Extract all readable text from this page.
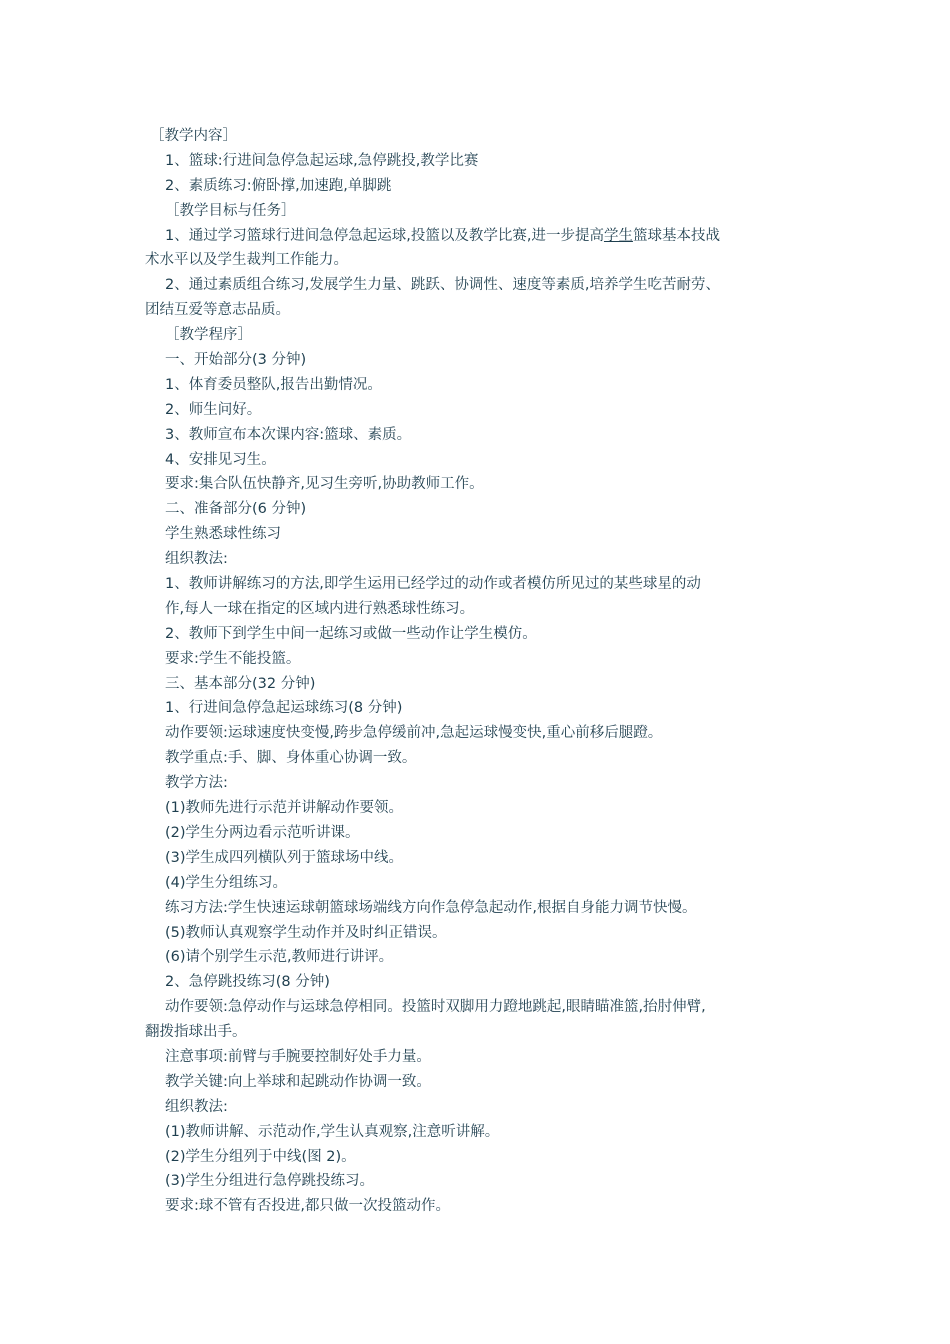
［教学内容］
1、篮球:行进间急停急起运球,急停跳投,教学比赛
2、素质练习:俯卧撑,加速跑,单脚跳
［教学目标与任务］
1、通过学习篮球行进间急停急起运球,投篮以及教学比赛,进一步提高学生篮球基本技战
术水平以及学生裁判工作能力。
2、通过素质组合练习,发展学生力量、跳跃、协调性、速度等素质,培养学生吃苦耐劳、
团结互爱等意志品质。
［教学程序］
一、开始部分(3 分钟)
1、体育委员整队,报告出勤情况。
2、师生问好。
3、教师宣布本次课内容:篮球、素质。
4、安排见习生。
要求:集合队伍快静齐,见习生旁听,协助教师工作。
二、准备部分(6 分钟)
学生熟悉球性练习
组织教法:
1、教师讲解练习的方法,即学生运用已经学过的动作或者模仿所见过的某些球星的动
作,每人一球在指定的区域内进行熟悉球性练习。
2、教师下到学生中间一起练习或做一些动作让学生模仿。
要求:学生不能投篮。
三、基本部分(32 分钟)
1、行进间急停急起运球练习(8 分钟)
动作要领:运球速度快变慢,跨步急停缓前冲,急起运球慢变快,重心前移后腿蹬。
教学重点:手、脚、身体重心协调一致。
教学方法:
(1)教师先进行示范并讲解动作要领。
(2)学生分两边看示范听讲课。
(3)学生成四列横队列于篮球场中线。
(4)学生分组练习。
练习方法:学生快速运球朝篮球场端线方向作急停急起动作,根据自身能力调节快慢。
(5)教师认真观察学生动作并及时纠正错误。
(6)请个别学生示范,教师进行讲评。
2、急停跳投练习(8 分钟)
动作要领:急停动作与运球急停相同。投篮时双脚用力蹬地跳起,眼睛瞄准篮,抬肘伸臂,
翻拨指球出手。
注意事项:前臂与手腕要控制好处手力量。
教学关键:向上举球和起跳动作协调一致。
组织教法:
(1)教师讲解、示范动作,学生认真观察,注意听讲解。
(2)学生分组列于中线(图 2)。
(3)学生分组进行急停跳投练习。
要求:球不管有否投进,都只做一次投篮动作。
